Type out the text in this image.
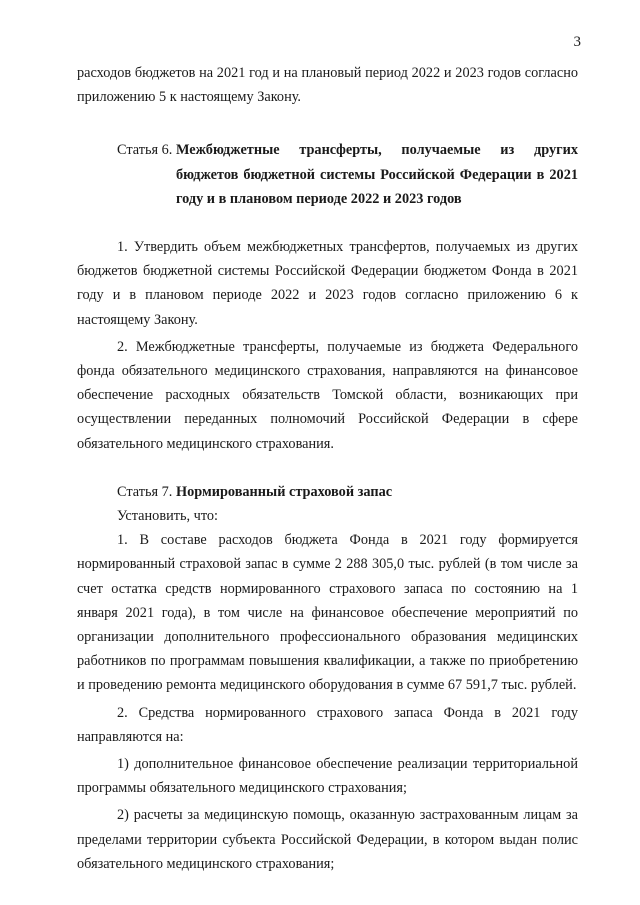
3

расходов бюджетов на 2021 год и на плановый период 2022 и 2023 годов согласно приложению 5 к настоящему Закону.

Статья 6. Межбюджетные трансферты, получаемые из других бюджетов бюджетной системы Российской Федерации в 2021 году и в плановом периоде 2022 и 2023 годов

1. Утвердить объем межбюджетных трансфертов, получаемых из других бюджетов бюджетной системы Российской Федерации бюджетом Фонда в 2021 году и в плановом периоде 2022 и 2023 годов согласно приложению 6 к настоящему Закону.

2. Межбюджетные трансферты, получаемые из бюджета Федерального фонда обязательного медицинского страхования, направляются на финансовое обеспечение расходных обязательств Томской области, возникающих при осуществлении переданных полномочий Российской Федерации в сфере обязательного медицинского страхования.

Статья 7. Нормированный страховой запас

Установить, что:

1. В составе расходов бюджета Фонда в 2021 году формируется нормированный страховой запас в сумме 2 288 305,0 тыс. рублей (в том числе за счет остатка средств нормированного страхового запаса по состоянию на 1 января 2021 года), в том числе на финансовое обеспечение мероприятий по организации дополнительного профессионального образования медицинских работников по программам повышения квалификации, а также по приобретению и проведению ремонта медицинского оборудования в сумме 67 591,7 тыс. рублей.

2. Средства нормированного страхового запаса Фонда в 2021 году направляются на:

1) дополнительное финансовое обеспечение реализации территориальной программы обязательного медицинского страхования;

2) расчеты за медицинскую помощь, оказанную застрахованным лицам за пределами территории субъекта Российской Федерации, в котором выдан полис обязательного медицинского страхования;
